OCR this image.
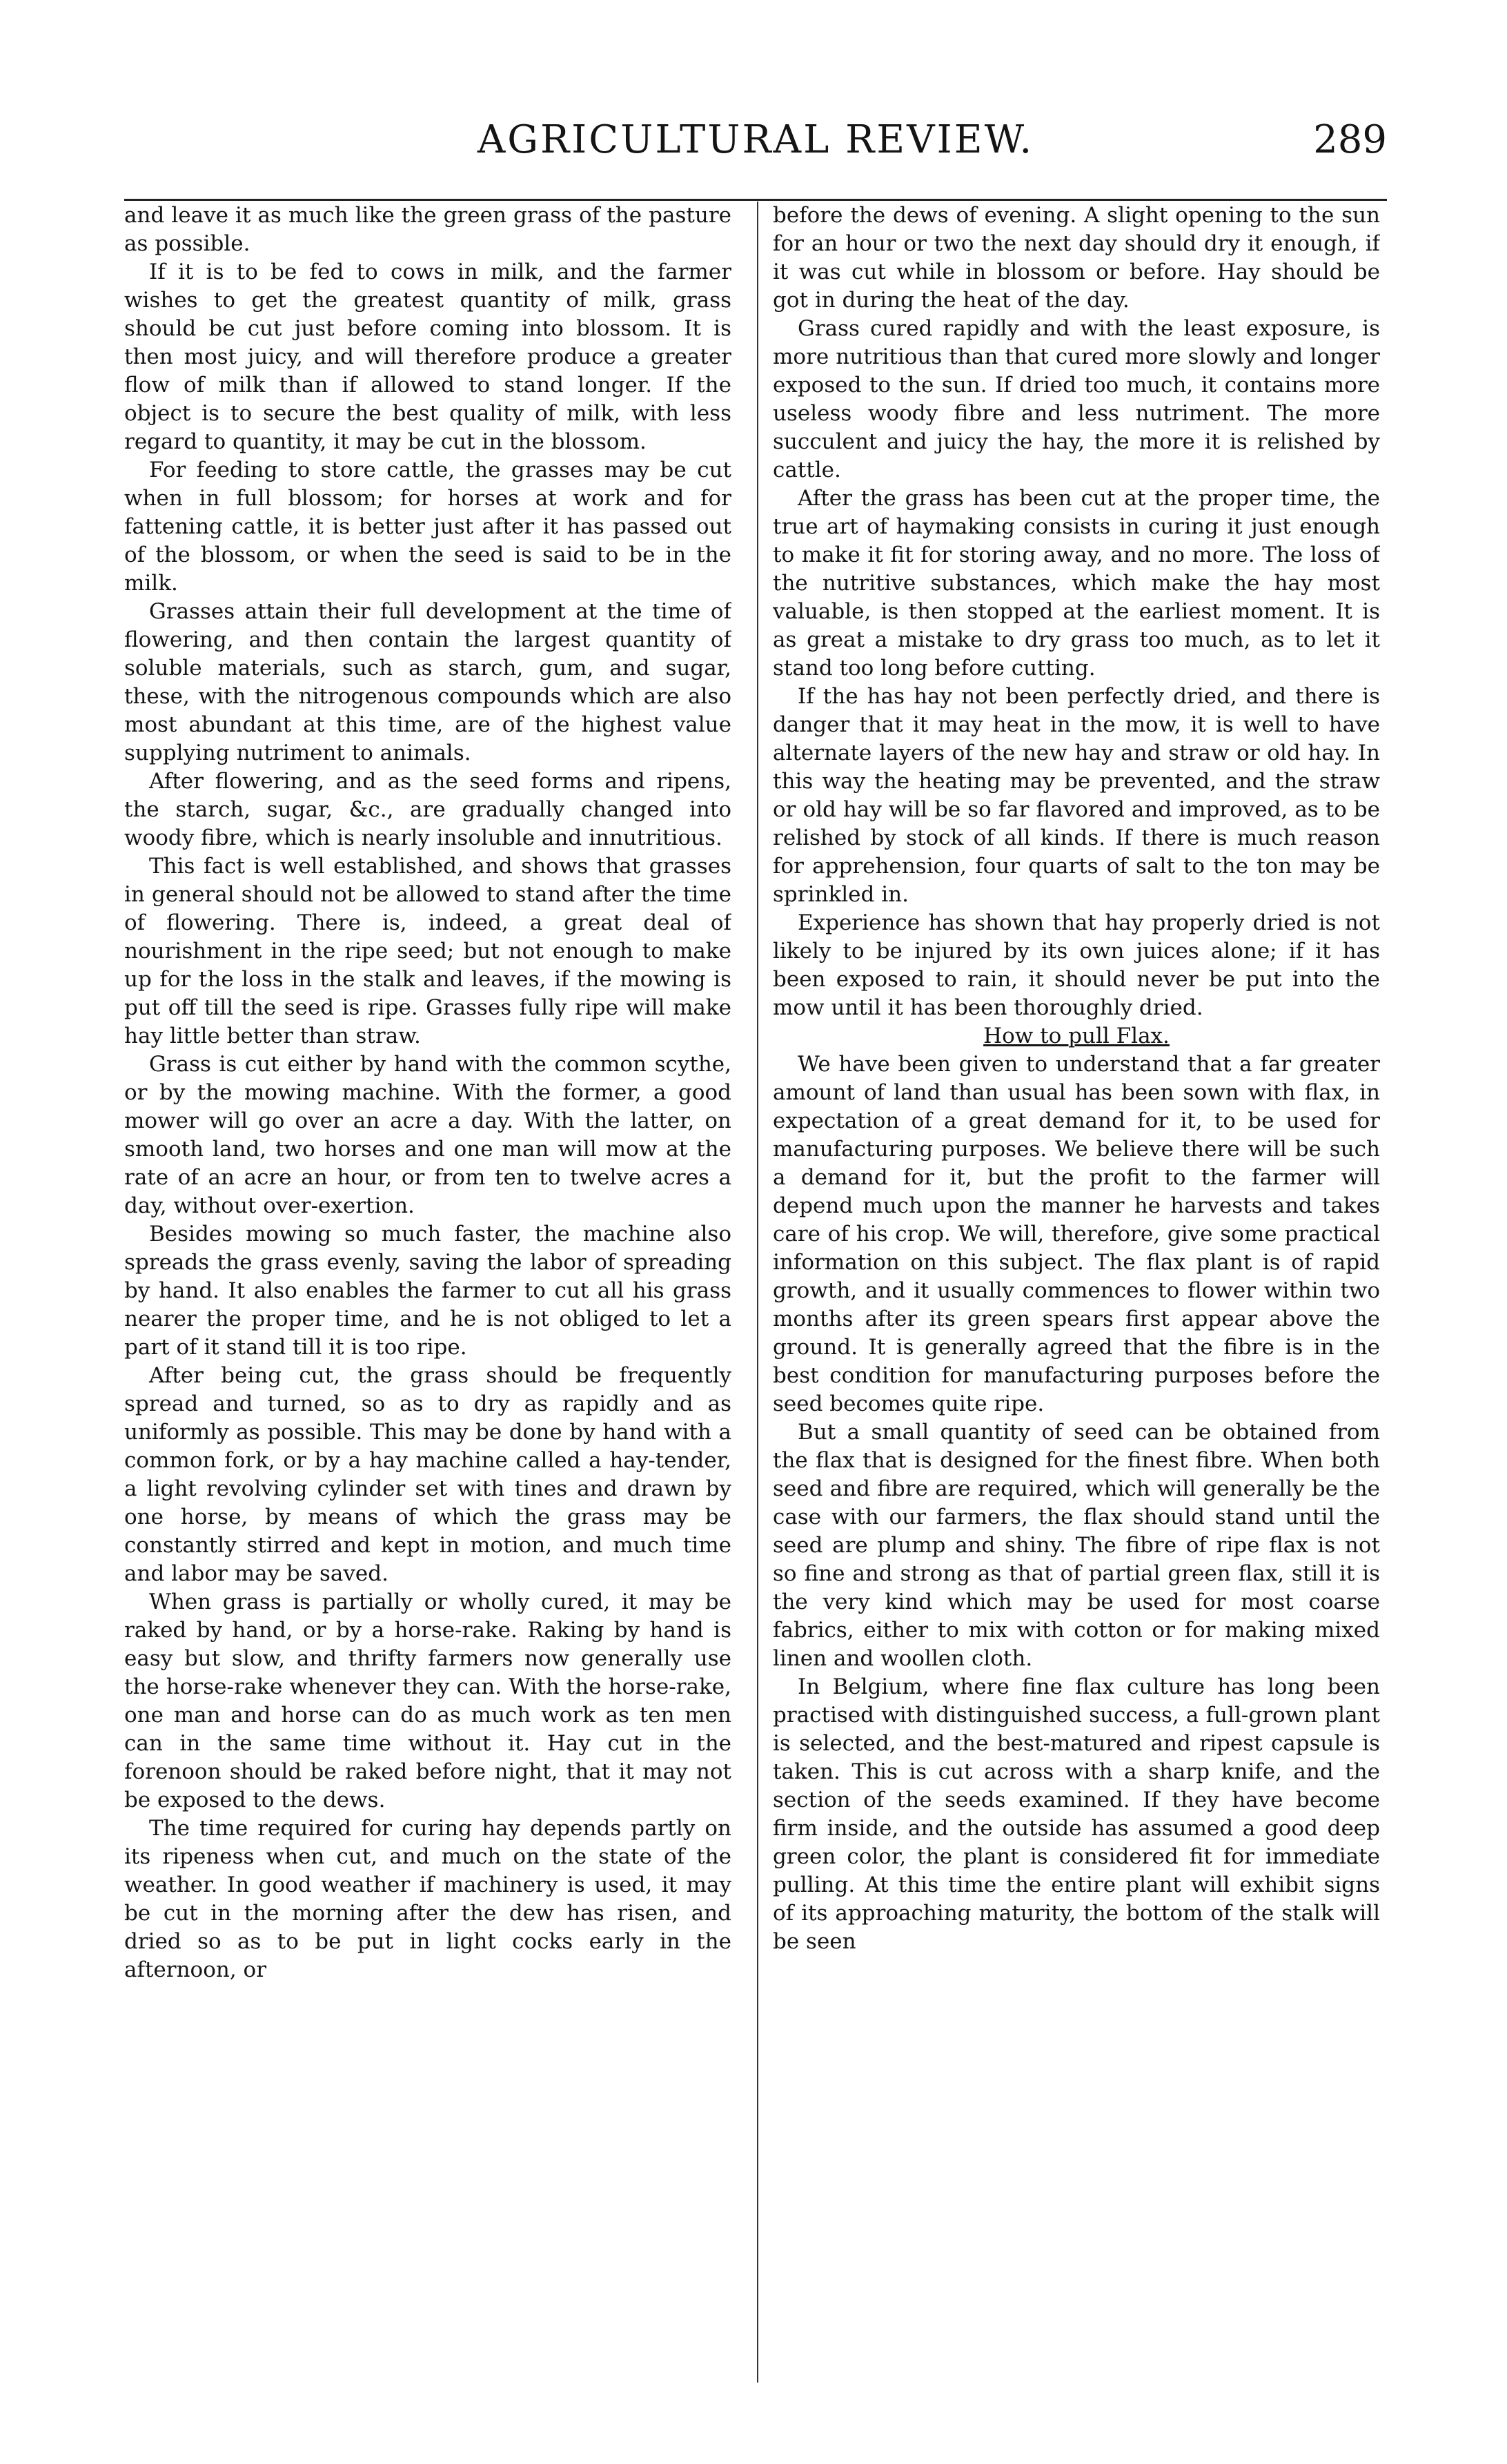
AGRICULTURAL REVIEW.	289

and leave it as much like the green grass of the pasture as possible.

If it is to be fed to cows in milk, and the farmer wishes to get the greatest quantity of milk, grass should be cut just before coming into blossom. It is then most juicy, and will therefore produce a greater flow of milk than if allowed to stand longer. If the object is to secure the best quality of milk, with less regard to quantity, it may be cut in the blossom.

For feeding to store cattle, the grasses may be cut when in full blossom; for horses at work and for fattening cattle, it is better just after it has passed out of the blossom, or when the seed is said to be in the milk.

Grasses attain their full development at the time of flowering, and then contain the largest quantity of soluble materials, such as starch, gum, and sugar, these, with the nitrogenous compounds which are also most abundant at this time, are of the highest value supplying nutriment to animals.

After flowering, and as the seed forms and ripens, the starch, sugar, &c., are gradually changed into woody fibre, which is nearly insoluble and innutritious.

This fact is well established, and shows that grasses in general should not be allowed to stand after the time of flowering. There is, indeed, a great deal of nourishment in the ripe seed; but not enough to make up for the loss in the stalk and leaves, if the mowing is put off till the seed is ripe. Grasses fully ripe will make hay little better than straw.

Grass is cut either by hand with the common scythe, or by the mowing machine. With the former, a good mower will go over an acre a day. With the latter, on smooth land, two horses and one man will mow at the rate of an acre an hour, or from ten to twelve acres a day, without over-exertion.

Besides mowing so much faster, the machine also spreads the grass evenly, saving the labor of spreading by hand. It also enables the farmer to cut all his grass nearer the proper time, and he is not obliged to let a part of it stand till it is too ripe.

After being cut, the grass should be frequently spread and turned, so as to dry as rapidly and as uniformly as possible. This may be done by hand with a common fork, or by a hay machine called a hay-tender, a light revolving cylinder set with tines and drawn by one horse, by means of which the grass may be constantly stirred and kept in motion, and much time and labor may be saved.

When grass is partially or wholly cured, it may be raked by hand, or by a horse-rake. Raking by hand is easy but slow, and thrifty farmers now generally use the horse-rake whenever they can. With the horse-rake, one man and horse can do as much work as ten men can in the same time without it. Hay cut in the forenoon should be raked before night, that it may not be exposed to the dews.

The time required for curing hay depends partly on its ripeness when cut, and much on the state of the weather. In good weather if machinery is used, it may be cut in the morning after the dew has risen, and dried so as to be put in light cocks early in the afternoon, or

before the dews of evening. A slight opening to the sun for an hour or two the next day should dry it enough, if it was cut while in blossom or before. Hay should be got in during the heat of the day.

Grass cured rapidly and with the least exposure, is more nutritious than that cured more slowly and longer exposed to the sun. If dried too much, it contains more useless woody fibre and less nutriment. The more succulent and juicy the hay, the more it is relished by cattle.

After the grass has been cut at the proper time, the true art of haymaking consists in curing it just enough to make it fit for storing away, and no more. The loss of the nutritive substances, which make the hay most valuable, is then stopped at the earliest moment. It is as great a mistake to dry grass too much, as to let it stand too long before cutting.

If the has hay not been perfectly dried, and there is danger that it may heat in the mow, it is well to have alternate layers of the new hay and straw or old hay. In this way the heating may be prevented, and the straw or old hay will be so far flavored and improved, as to be relished by stock of all kinds. If there is much reason for apprehension, four quarts of salt to the ton may be sprinkled in.

Experience has shown that hay properly dried is not likely to be injured by its own juices alone; if it has been exposed to rain, it should never be put into the mow until it has been thoroughly dried.

How to pull Flax.

We have been given to understand that a far greater amount of land than usual has been sown with flax, in expectation of a great demand for it, to be used for manufacturing purposes. We believe there will be such a demand for it, but the profit to the farmer will depend much upon the manner he harvests and takes care of his crop. We will, therefore, give some practical information on this subject. The flax plant is of rapid growth, and it usually commences to flower within two months after its green spears first appear above the ground. It is generally agreed that the fibre is in the best condition for manufacturing purposes before the seed becomes quite ripe.

But a small quantity of seed can be obtained from the flax that is designed for the finest fibre. When both seed and fibre are required, which will generally be the case with our farmers, the flax should stand until the seed are plump and shiny. The fibre of ripe flax is not so fine and strong as that of partial green flax, still it is the very kind which may be used for most coarse fabrics, either to mix with cotton or for making mixed linen and woollen cloth.

In Belgium, where fine flax culture has long been practised with distinguished success, a full-grown plant is selected, and the best-matured and ripest capsule is taken. This is cut across with a sharp knife, and the section of the seeds examined. If they have become firm inside, and the outside has assumed a good deep green color, the plant is considered fit for immediate pulling. At this time the entire plant will exhibit signs of its approaching maturity, the bottom of the stalk will be seen
